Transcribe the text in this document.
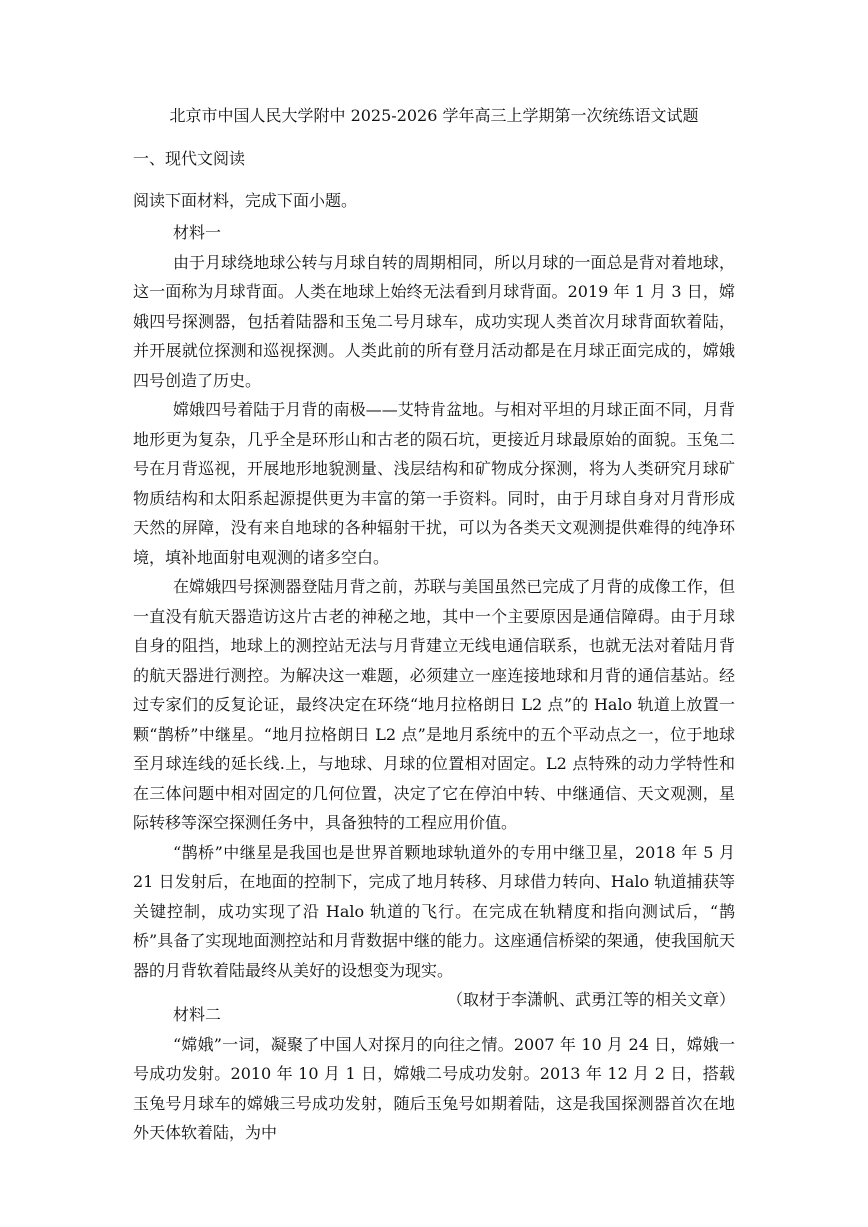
北京市中国人民大学附中 2025-2026 学年高三上学期第一次统练语文试题
一、现代文阅读
阅读下面材料，完成下面小题。

材料一

由于月球绕地球公转与月球自转的周期相同，所以月球的一面总是背对着地球，这一面称为月球背面。人类在地球上始终无法看到月球背面。2019 年 1 月 3 日，嫦娥四号探测器，包括着陆器和玉兔二号月球车，成功实现人类首次月球背面软着陆，并开展就位探测和巡视探测。人类此前的所有登月活动都是在月球正面完成的，嫦娥四号创造了历史。

嫦娥四号着陆于月背的南极——艾特肯盆地。与相对平坦的月球正面不同，月背地形更为复杂，几乎全是环形山和古老的陨石坑，更接近月球最原始的面貌。玉兔二号在月背巡视，开展地形地貌测量、浅层结构和矿物成分探测，将为人类研究月球矿物质结构和太阳系起源提供更为丰富的第一手资料。同时，由于月球自身对月背形成天然的屏障，没有来自地球的各种辐射干扰，可以为各类天文观测提供难得的纯净环境，填补地面射电观测的诸多空白。

在嫦娥四号探测器登陆月背之前，苏联与美国虽然已完成了月背的成像工作，但一直没有航天器造访这片古老的神秘之地，其中一个主要原因是通信障碍。由于月球自身的阻挡，地球上的测控站无法与月背建立无线电通信联系，也就无法对着陆月背的航天器进行测控。为解决这一难题，必须建立一座连接地球和月背的通信基站。经过专家们的反复论证，最终决定在环绕“地月拉格朗日 L2 点”的 Halo 轨道上放置一颗“鹊桥”中继星。“地月拉格朗日 L2 点”是地月系统中的五个平动点之一，位于地球至月球连线的延长线.上，与地球、月球的位置相对固定。L2 点特殊的动力学特性和在三体问题中相对固定的几何位置，决定了它在停泊中转、中继通信、天文观测，星际转移等深空探测任务中，具备独特的工程应用价值。

“鹊桥”中继星是我国也是世界首颗地球轨道外的专用中继卫星，2018 年 5 月 21 日发射后，在地面的控制下，完成了地月转移、月球借力转向、Halo 轨道捕获等关键控制，成功实现了沿 Halo 轨道的飞行。在完成在轨精度和指向测试后，“鹊桥”具备了实现地面测控站和月背数据中继的能力。这座通信桥梁的架通，使我国航天器的月背软着陆最终从美好的设想变为现实。

（取材于李潇帆、武勇江等的相关文章）

材料二

“嫦娥”一词，凝聚了中国人对探月的向往之情。2007 年 10 月 24 日，嫦娥一号成功发射。2010 年 10 月 1 日，嫦娥二号成功发射。2013 年 12 月 2 日，搭载玉兔号月球车的嫦娥三号成功发射，随后玉兔号如期着陆，这是我国探测器首次在地外天体软着陆，为中
